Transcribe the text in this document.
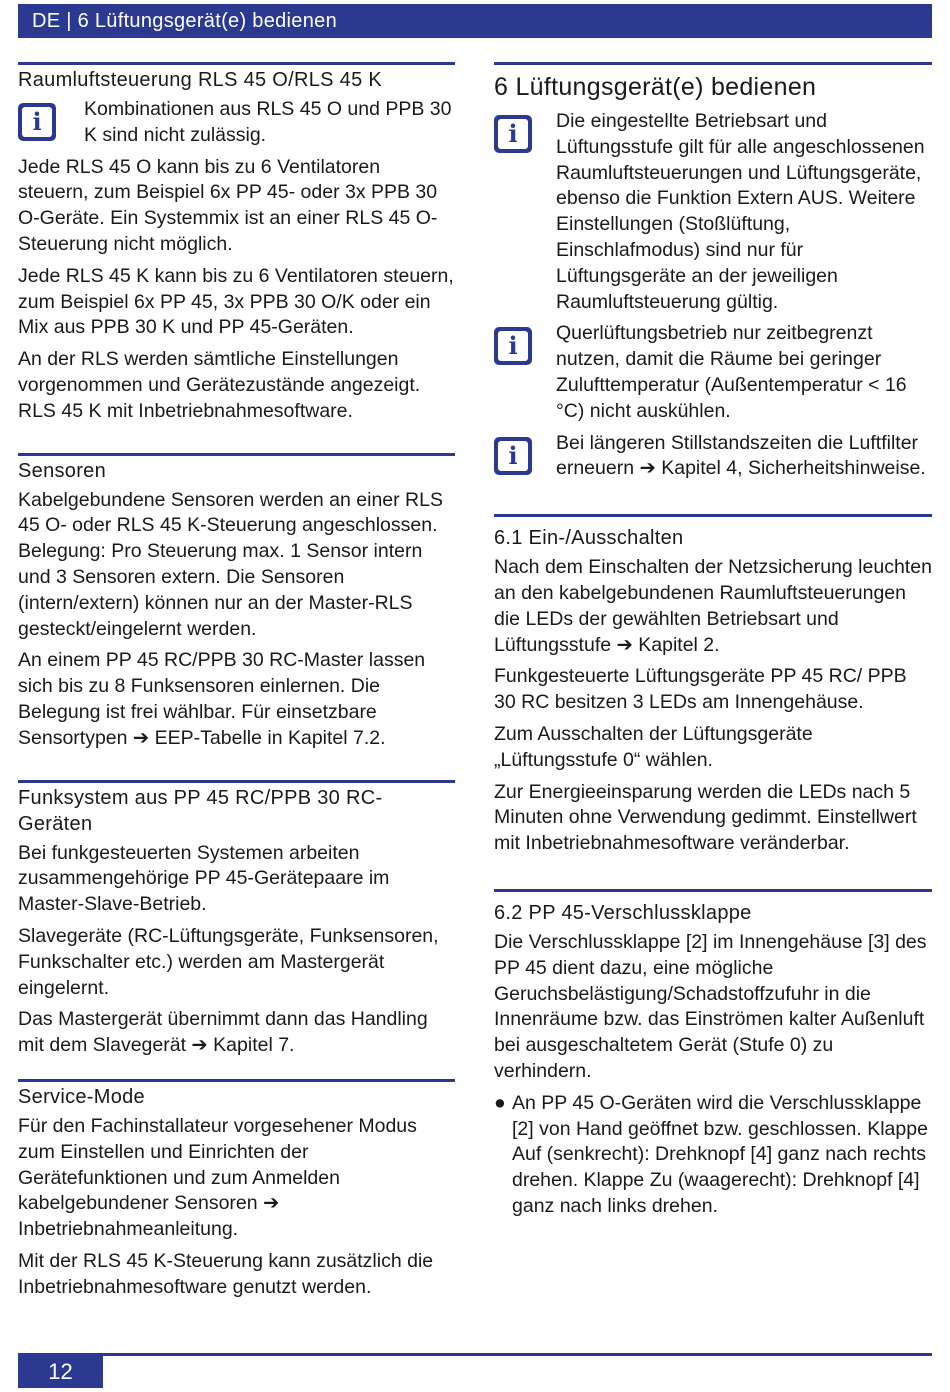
DE | 6 Lüftungsgerät(e) bedienen
Raumluftsteuerung RLS 45 O/RLS 45 K
i	Kombinationen aus RLS 45 O und PPB 30 K sind nicht zulässig.

Jede RLS 45 O kann bis zu 6 Ventilatoren steuern, zum Beispiel 6x PP 45- oder 3x PPB 30 O-Geräte. Ein Systemmix ist an einer RLS 45 O-Steuerung nicht möglich.

Jede RLS 45 K kann bis zu 6 Ventilatoren steuern, zum Beispiel 6x PP 45, 3x PPB 30 O/K oder ein Mix aus PPB 30 K und PP 45-Geräten.

An der RLS werden sämtliche Einstellungen vorgenommen und Gerätezustände angezeigt. RLS 45 K mit Inbetriebnahmesoftware.

Sensoren

Kabelgebundene Sensoren werden an einer RLS 45 O- oder RLS 45 K-Steuerung angeschlossen. Belegung: Pro Steuerung max. 1 Sensor intern und 3 Sensoren extern. Die Sensoren (intern/extern) können nur an der Master-RLS gesteckt/eingelernt werden.

An einem PP 45 RC/PPB 30 RC-Master lassen sich bis zu 8 Funksensoren einlernen. Die Belegung ist frei wählbar. Für einsetzbare Sensortypen ➔ EEP-Tabelle in Kapitel 7.2.

Funksystem aus PP 45 RC/PPB 30 RC-Geräten

Bei funkgesteuerten Systemen arbeiten zusammengehörige PP 45-Gerätepaare im Master-Slave-Betrieb.

Slavegeräte (RC-Lüftungsgeräte, Funksensoren, Funkschalter etc.) werden am Mastergerät eingelernt.

Das Mastergerät übernimmt dann das Handling mit dem Slavegerät ➔ Kapitel 7.

Service-Mode

Für den Fachinstallateur vorgesehener Modus zum Einstellen und Einrichten der Gerätefunktionen und zum Anmelden kabelgebundener Sensoren ➔ Inbetriebnahmeanleitung.

Mit der RLS 45 K-Steuerung kann zusätzlich die Inbetriebnahmesoftware genutzt werden.

6 Lüftungsgerät(e) bedienen
i	Die eingestellte Betriebsart und Lüftungsstufe gilt für alle angeschlossenen Raumluftsteuerungen und Lüftungsgeräte, ebenso die Funktion Extern AUS. Weitere Einstellungen (Stoßlüftung, Einschlafmodus) sind nur für Lüftungsgeräte an der jeweiligen Raumluftsteuerung gültig.

i	Querlüftungsbetrieb nur zeitbegrenzt nutzen, damit die Räume bei geringer Zulufttemperatur (Außentemperatur < 16 °C) nicht auskühlen.

i	Bei längeren Stillstandszeiten die Luftfilter erneuern ➔ Kapitel 4, Sicherheitshinweise.

6.1 Ein-/Ausschalten

Nach dem Einschalten der Netzsicherung leuchten an den kabelgebundenen Raumluftsteuerungen die LEDs der gewählten Betriebsart und Lüftungsstufe ➔ Kapitel 2.

Funkgesteuerte Lüftungsgeräte PP 45 RC/ PPB 30 RC besitzen 3 LEDs am Innengehäuse.

Zum Ausschalten der Lüftungsgeräte „Lüftungsstufe 0“ wählen.

Zur Energieeinsparung werden die LEDs nach 5 Minuten ohne Verwendung gedimmt. Einstellwert mit Inbetriebnahmesoftware veränderbar.

6.2 PP 45-Verschlussklappe

Die Verschlussklappe [2] im Innengehäuse [3] des PP 45 dient dazu, eine mögliche Geruchsbelästigung/Schadstoffzufuhr in die Innenräume bzw. das Einströmen kalter Außenluft bei ausgeschaltetem Gerät (Stufe 0) zu verhindern.

● An PP 45 O-Geräten wird die Verschlussklappe [2] von Hand geöffnet bzw. geschlossen. Klappe Auf (senkrecht): Drehknopf [4] ganz nach rechts drehen. Klappe Zu (waagerecht): Drehknopf [4] ganz nach links drehen.
12
